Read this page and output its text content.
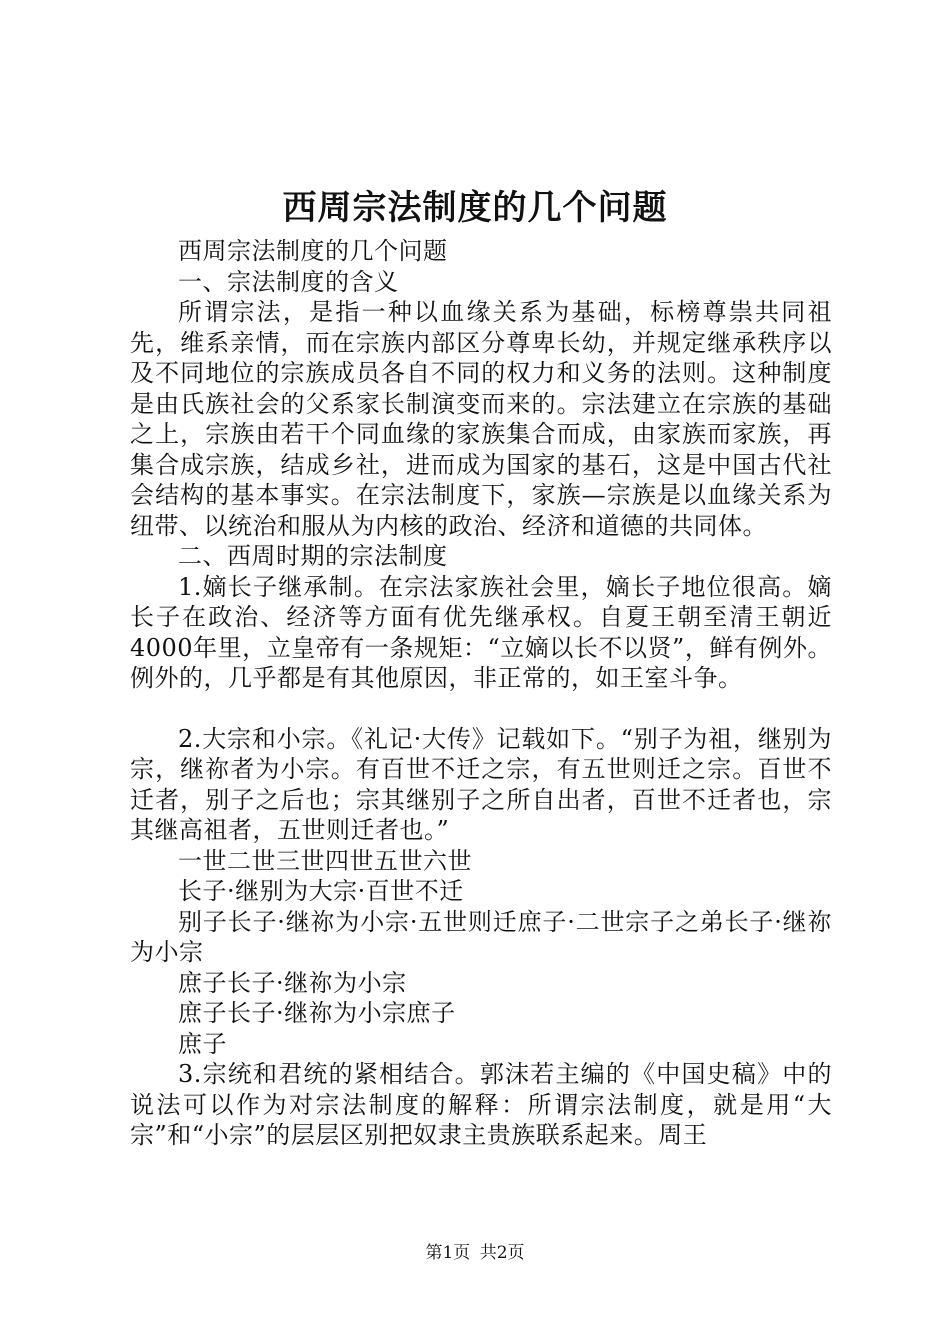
西周宗法制度的几个问题

西周宗法制度的几个问题

一、宗法制度的含义

所谓宗法，是指一种以血缘关系为基础，标榜尊祟共同祖先，维系亲情，而在宗族内部区分尊卑长幼，并规定继承秩序以及不同地位的宗族成员各自不同的权力和义务的法则。这种制度是由氏族社会的父系家长制演变而来的。宗法建立在宗族的基础之上，宗族由若干个同血缘的家族集合而成，由家族而家族，再集合成宗族，结成乡社，进而成为国家的基石，这是中国古代社会结构的基本事实。在宗法制度下，家族—宗族是以血缘关系为纽带、以统治和服从为内核的政治、经济和道德的共同体。

二、西周时期的宗法制度

1.嫡长子继承制。在宗法家族社会里，嫡长子地位很高。嫡长子在政治、经济等方面有优先继承权。自夏王朝至清王朝近4000年里，立皇帝有一条规矩：“立嫡以长不以贤”，鲜有例外。例外的，几乎都是有其他原因，非正常的，如王室斗争。

2.大宗和小宗。《礼记·大传》记载如下。“别子为祖，继别为宗，继祢者为小宗。有百世不迁之宗，有五世则迁之宗。百世不迁者，别子之后也；宗其继别子之所自出者，百世不迁者也，宗其继高祖者，五世则迁者也。”

一世二世三世四世五世六世

长子·继别为大宗·百世不迁

别子长子·继祢为小宗·五世则迁庶子·二世宗子之弟长子·继祢为小宗

庶子长子·继祢为小宗

庶子长子·继祢为小宗庶子

庶子

3.宗统和君统的紧相结合。郭沫若主编的《中国史稿》中的说法可以作为对宗法制度的解释：所谓宗法制度，就是用“大宗”和“小宗”的层层区别把奴隶主贵族联系起来。周王

第1页 共2页
